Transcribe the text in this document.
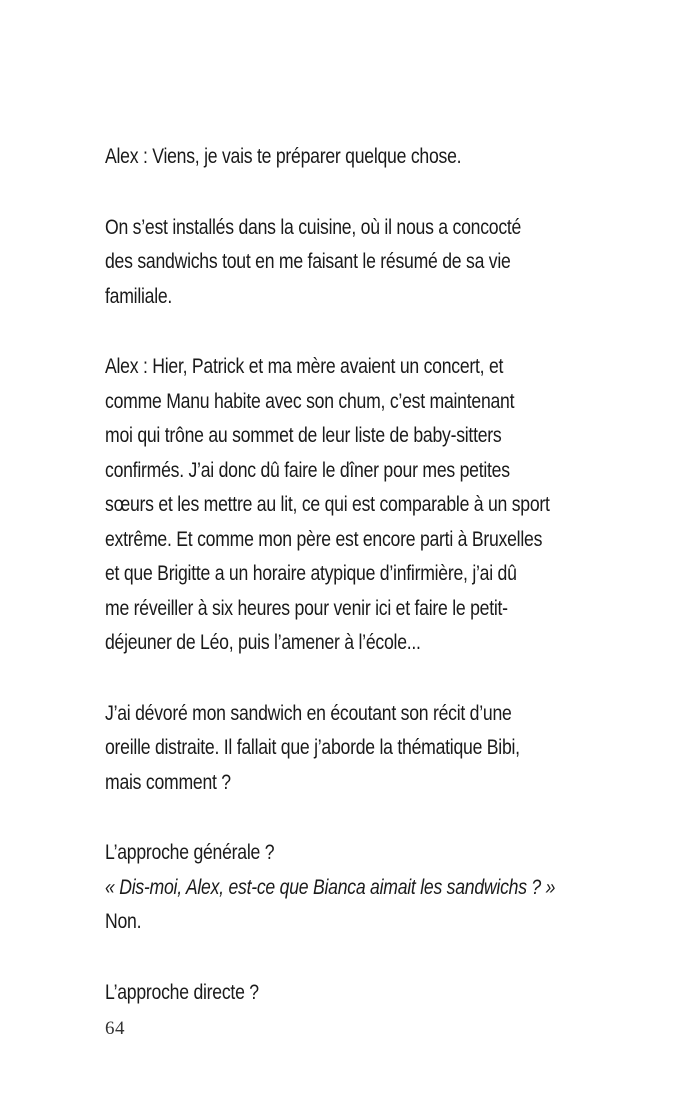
Alex : Viens, je vais te préparer quelque chose.
On s’est installés dans la cuisine, où il nous a concocté
des sandwichs tout en me faisant le résumé de sa vie
familiale.
Alex : Hier, Patrick et ma mère avaient un concert, et
comme Manu habite avec son chum, c’est maintenant
moi qui trône au sommet de leur liste de baby-sitters
confirmés. J’ai donc dû faire le dîner pour mes petites
sœurs et les mettre au lit, ce qui est comparable à un sport
extrême. Et comme mon père est encore parti à Bruxelles
et que Brigitte a un horaire atypique d’infirmière, j’ai dû
me réveiller à six heures pour venir ici et faire le petit-
déjeuner de Léo, puis l’amener à l’école...
J’ai dévoré mon sandwich en écoutant son récit d’une
oreille distraite. Il fallait que j’aborde la thématique Bibi,
mais comment ?
L’approche générale ?
« Dis-moi, Alex, est-ce que Bianca aimait les sandwichs ? »
Non.
L’approche directe ?
64
